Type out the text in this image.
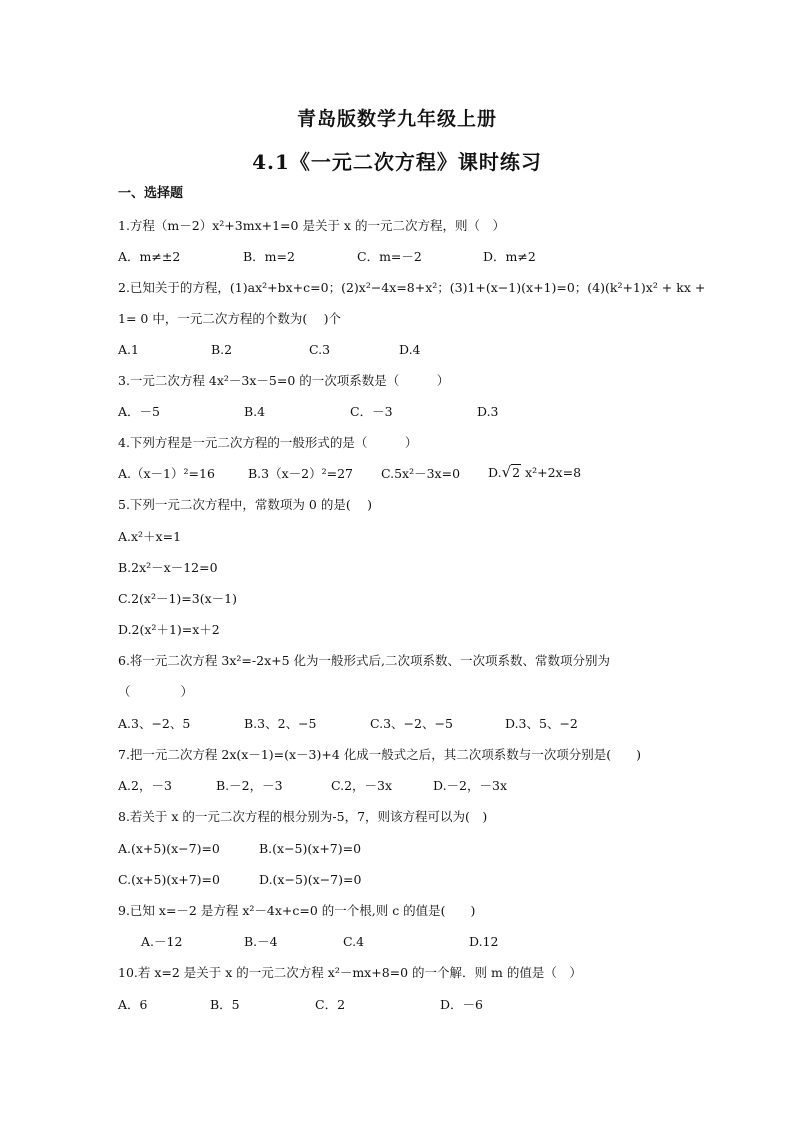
青岛版数学九年级上册
4.1《一元二次方程》课时练习
一、选择题
1.方程（m－2）x²+3mx+1=0 是关于 x 的一元二次方程，则（　）
A．m≠±2	B．m=2	C．m=－2	D．m≠2
2.已知关于的方程，(1)ax²+bx+c=0；(2)x²−4x=8+x²；(3)1+(x−1)(x+1)=0；(4)(k²+1)x² + kx +
1= 0 中，一元二次方程的个数为(　 )个
A.1	B.2	C.3	D.4
3.一元二次方程 4x²－3x－5=0 的一次项系数是（　　　）
A．－5	B.4	C．－3	D.3
4.下列方程是一元二次方程的一般形式的是（　　　）
A.（x－1）²=16	B.3（x－2）²=27 C.5x²－3x=0 D.√2 x²+2x=8
5.下列一元二次方程中，常数项为 0 的是(　 )
A.x²＋x=1
B.2x²－x－12=0
C.2(x²－1)=3(x－1)
D.2(x²＋1)=x＋2
6.将一元二次方程 3x²=-2x+5 化为一般形式后,二次项系数、一次项系数、常数项分别为
（　　　　）
A.3、−2、5	B.3、2、−5	C.3、−2、−5	D.3、5、−2
7.把一元二次方程 2x(x－1)=(x－3)+4 化成一般式之后，其二次项系数与一次项分别是(　　)
A.2，－3	B.－2，－3	C.2，－3x	D.－2，－3x
8.若关于 x 的一元二次方程的根分别为-5，7，则该方程可以为(　)
A.(x+5)(x−7)=0	B.(x−5)(x+7)=0
C.(x+5)(x+7)=0	D.(x−5)(x−7)=0
9.已知 x=－2 是方程 x²－4x+c=0 的一个根,则 c 的值是(　　)
A.－12	B.－4	C.4	D.12
10.若 x=2 是关于 x 的一元二次方程 x²－mx+8=0 的一个解．则 m 的值是（　）
A．6	B．5	C．2	D．－6
